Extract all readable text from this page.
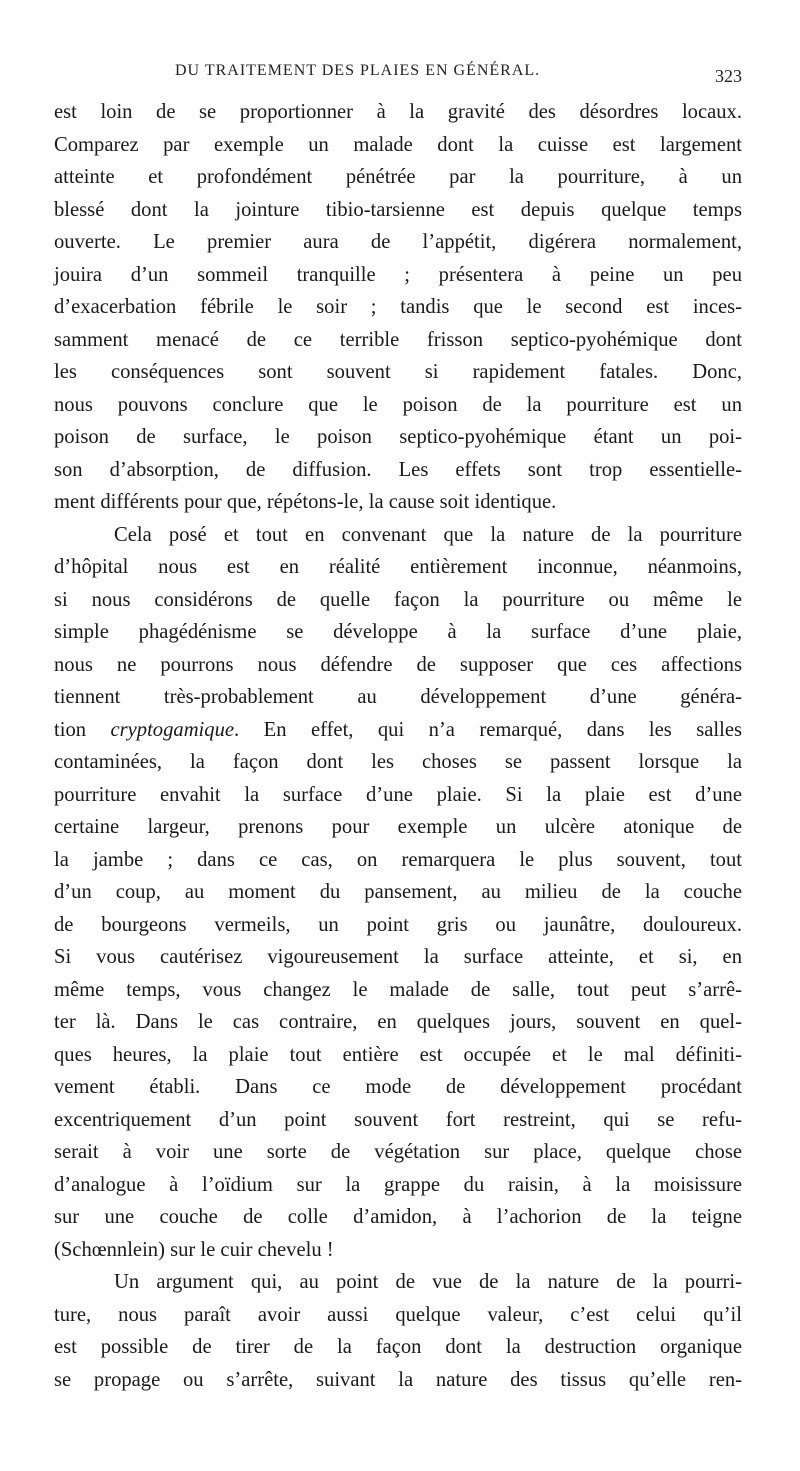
DU TRAITEMENT DES PLAIES EN GÉNÉRAL.	323
est loin de se proportionner à la gravité des désordres locaux.
Comparez par exemple un malade dont la cuisse est largement
atteinte et profondément pénétrée par la pourriture, à un
blessé dont la jointure tibio-tarsienne est depuis quelque temps
ouverte. Le premier aura de l’appétit, digérera normalement,
jouira d’un sommeil tranquille ; présentera à peine un peu
d’exacerbation fébrile le soir ; tandis que le second est inces-
samment menacé de ce terrible frisson septico-pyohémique dont
les conséquences sont souvent si rapidement fatales. Donc,
nous pouvons conclure que le poison de la pourriture est un
poison de surface, le poison septico-pyohémique étant un poi-
son d’absorption, de diffusion. Les effets sont trop essentielle-
ment différents pour que, répétons-le, la cause soit identique.
Cela posé et tout en convenant que la nature de la pourriture
d’hôpital nous est en réalité entièrement inconnue, néanmoins,
si nous considérons de quelle façon la pourriture ou même le
simple phagédénisme se développe à la surface d’une plaie,
nous ne pourrons nous défendre de supposer que ces affections
tiennent très-probablement au développement d’une généra-
tion cryptogamique. En effet, qui n’a remarqué, dans les salles
contaminées, la façon dont les choses se passent lorsque la
pourriture envahit la surface d’une plaie. Si la plaie est d’une
certaine largeur, prenons pour exemple un ulcère atonique de
la jambe ; dans ce cas, on remarquera le plus souvent, tout
d’un coup, au moment du pansement, au milieu de la couche
de bourgeons vermeils, un point gris ou jaunâtre, douloureux.
Si vous cautérisez vigoureusement la surface atteinte, et si, en
même temps, vous changez le malade de salle, tout peut s’arrê-
ter là. Dans le cas contraire, en quelques jours, souvent en quel-
ques heures, la plaie tout entière est occupée et le mal définiti-
vement établi. Dans ce mode de développement procédant
excentriquement d’un point souvent fort restreint, qui se refu-
serait à voir une sorte de végétation sur place, quelque chose
d’analogue à l’oïdium sur la grappe du raisin, à la moisissure
sur une couche de colle d’amidon, à l’achorion de la teigne
(Schœnnlein) sur le cuir chevelu !
Un argument qui, au point de vue de la nature de la pourri-
ture, nous paraît avoir aussi quelque valeur, c’est celui qu’il
est possible de tirer de la façon dont la destruction organique
se propage ou s’arrête, suivant la nature des tissus qu’elle ren-
